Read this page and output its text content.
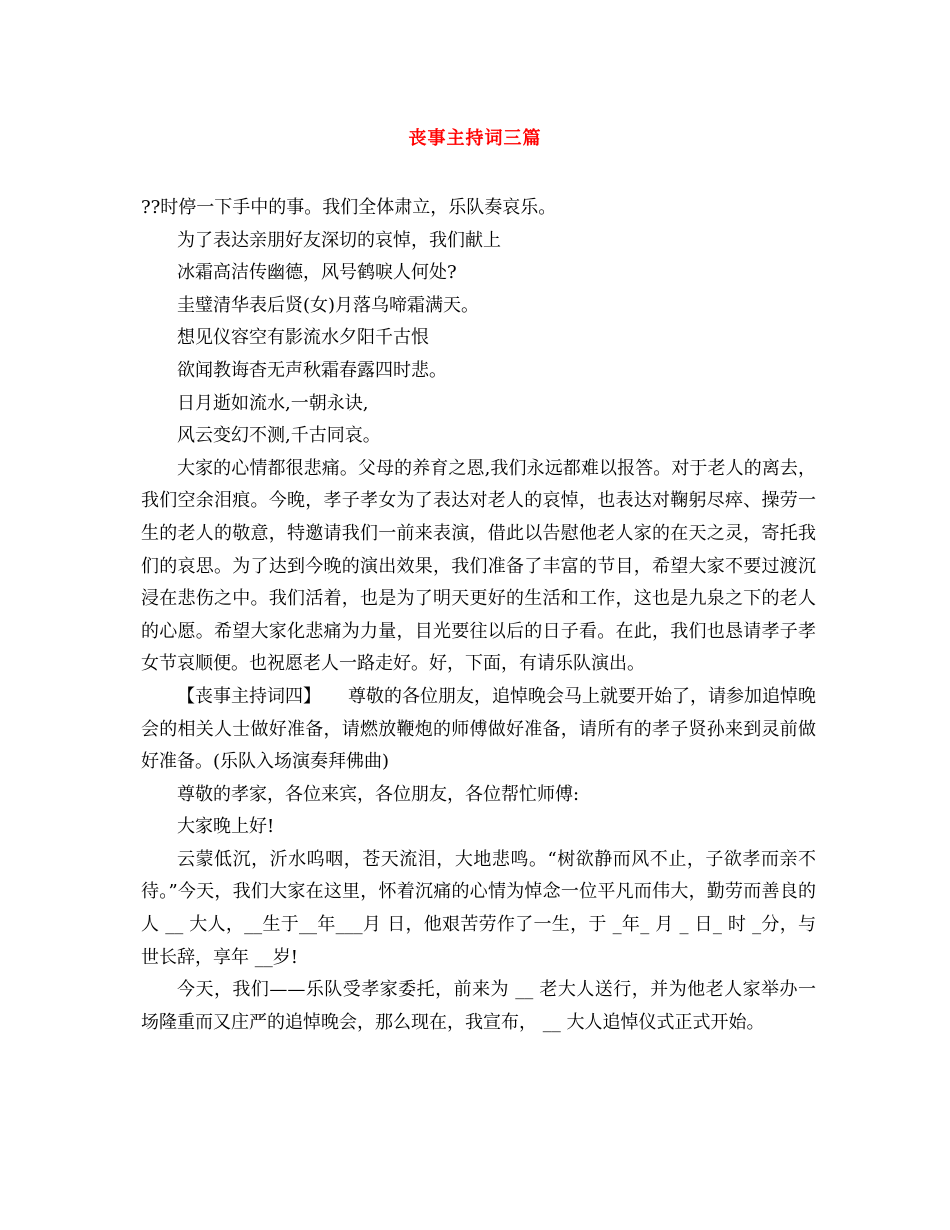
丧事主持词三篇

??时停一下手中的事。我们全体肃立，乐队奏哀乐。

为了表达亲朋好友深切的哀悼，我们献上

冰霜高洁传幽德，风号鹤唳人何处?

圭璧清华表后贤(女)月落乌啼霜满天。

想见仪容空有影流水夕阳千古恨

欲闻教诲杳无声秋霜春露四时悲。

日月逝如流水,一朝永诀,

风云变幻不测,千古同哀。

大家的心情都很悲痛。父母的养育之恩,我们永远都难以报答。对于老人的离去，我们空余泪痕。今晚，孝子孝女为了表达对老人的哀悼，也表达对鞠躬尽瘁、操劳一生的老人的敬意，特邀请我们一前来表演，借此以告慰他老人家的在天之灵，寄托我们的哀思。为了达到今晚的演出效果，我们准备了丰富的节目，希望大家不要过渡沉浸在悲伤之中。我们活着，也是为了明天更好的生活和工作，这也是九泉之下的老人的心愿。希望大家化悲痛为力量，目光要往以后的日子看。在此，我们也恳请孝子孝女节哀顺便。也祝愿老人一路走好。好，下面，有请乐队演出。

【丧事主持词四】　　尊敬的各位朋友，追悼晚会马上就要开始了，请参加追悼晚会的相关人士做好准备，请燃放鞭炮的师傅做好准备，请所有的孝子贤孙来到灵前做好准备。(乐队入场演奏拜佛曲)

尊敬的孝家，各位来宾，各位朋友，各位帮忙师傅:

大家晚上好!

云蒙低沉，沂水呜咽，苍天流泪，大地悲鸣。“树欲静而风不止，子欲孝而亲不待。”今天，我们大家在这里，怀着沉痛的心情为悼念一位平凡而伟大，勤劳而善良的人 __ 大人，__生于__年___月 日，他艰苦劳作了一生，于 _年_ 月 _ 日_ 时 _分，与世长辞，享年 __岁!

今天，我们——乐队受孝家委托，前来为 __ 老大人送行，并为他老人家举办一场隆重而又庄严的追悼晚会，那么现在，我宣布， __ 大人追悼仪式正式开始。
